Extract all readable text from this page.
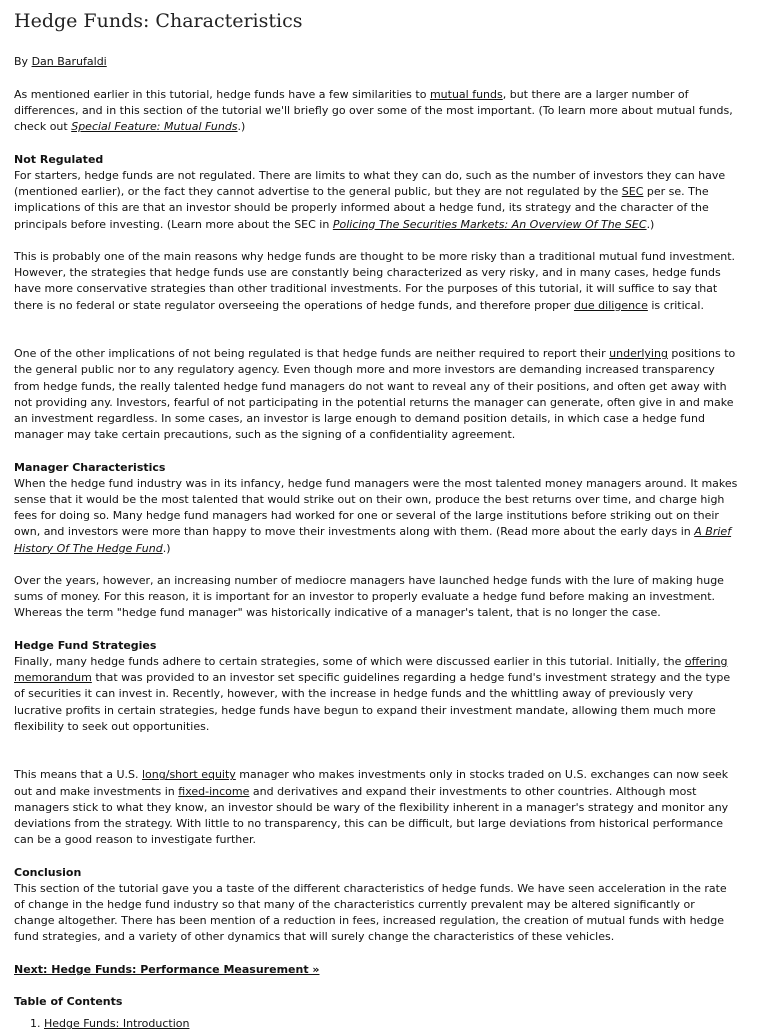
Hedge Funds: Characteristics
By Dan Barufaldi

As mentioned earlier in this tutorial, hedge funds have a few similarities to mutual funds, but there are a larger number of differences, and in this section of the tutorial we'll briefly go over some of the most important. (To learn more about mutual funds, check out Special Feature: Mutual Funds.)

Not Regulated

For starters, hedge funds are not regulated. There are limits to what they can do, such as the number of investors they can have (mentioned earlier), or the fact they cannot advertise to the general public, but they are not regulated by the SEC per se. The implications of this are that an investor should be properly informed about a hedge fund, its strategy and the character of the principals before investing. (Learn more about the SEC in Policing The Securities Markets: An Overview Of The SEC.)

This is probably one of the main reasons why hedge funds are thought to be more risky than a traditional mutual fund investment. However, the strategies that hedge funds use are constantly being characterized as very risky, and in many cases, hedge funds have more conservative strategies than other traditional investments. For the purposes of this tutorial, it will suffice to say that there is no federal or state regulator overseeing the operations of hedge funds, and therefore proper due diligence is critical.

One of the other implications of not being regulated is that hedge funds are neither required to report their underlying positions to the general public nor to any regulatory agency. Even though more and more investors are demanding increased transparency from hedge funds, the really talented hedge fund managers do not want to reveal any of their positions, and often get away with not providing any. Investors, fearful of not participating in the potential returns the manager can generate, often give in and make an investment regardless. In some cases, an investor is large enough to demand position details, in which case a hedge fund manager may take certain precautions, such as the signing of a confidentiality agreement.

Manager Characteristics

When the hedge fund industry was in its infancy, hedge fund managers were the most talented money managers around. It makes sense that it would be the most talented that would strike out on their own, produce the best returns over time, and charge high fees for doing so. Many hedge fund managers had worked for one or several of the large institutions before striking out on their own, and investors were more than happy to move their investments along with them. (Read more about the early days in A Brief History Of The Hedge Fund.)

Over the years, however, an increasing number of mediocre managers have launched hedge funds with the lure of making huge sums of money. For this reason, it is important for an investor to properly evaluate a hedge fund before making an investment. Whereas the term "hedge fund manager" was historically indicative of a manager's talent, that is no longer the case.

Hedge Fund Strategies

Finally, many hedge funds adhere to certain strategies, some of which were discussed earlier in this tutorial. Initially, the offering memorandum that was provided to an investor set specific guidelines regarding a hedge fund's investment strategy and the type of securities it can invest in. Recently, however, with the increase in hedge funds and the whittling away of previously very lucrative profits in certain strategies, hedge funds have begun to expand their investment mandate, allowing them much more flexibility to seek out opportunities.

This means that a U.S. long/short equity manager who makes investments only in stocks traded on U.S. exchanges can now seek out and make investments in fixed-income and derivatives and expand their investments to other countries. Although most managers stick to what they know, an investor should be wary of the flexibility inherent in a manager's strategy and monitor any deviations from the strategy. With little to no transparency, this can be difficult, but large deviations from historical performance can be a good reason to investigate further.

Conclusion

This section of the tutorial gave you a taste of the different characteristics of hedge funds. We have seen acceleration in the rate of change in the hedge fund industry so that many of the characteristics currently prevalent may be altered significantly or change altogether. There has been mention of a reduction in fees, increased regulation, the creation of mutual funds with hedge fund strategies, and a variety of other dynamics that will surely change the characteristics of these vehicles.

Next: Hedge Funds: Performance Measurement »
Table of Contents
1. Hedge Funds: Introduction
